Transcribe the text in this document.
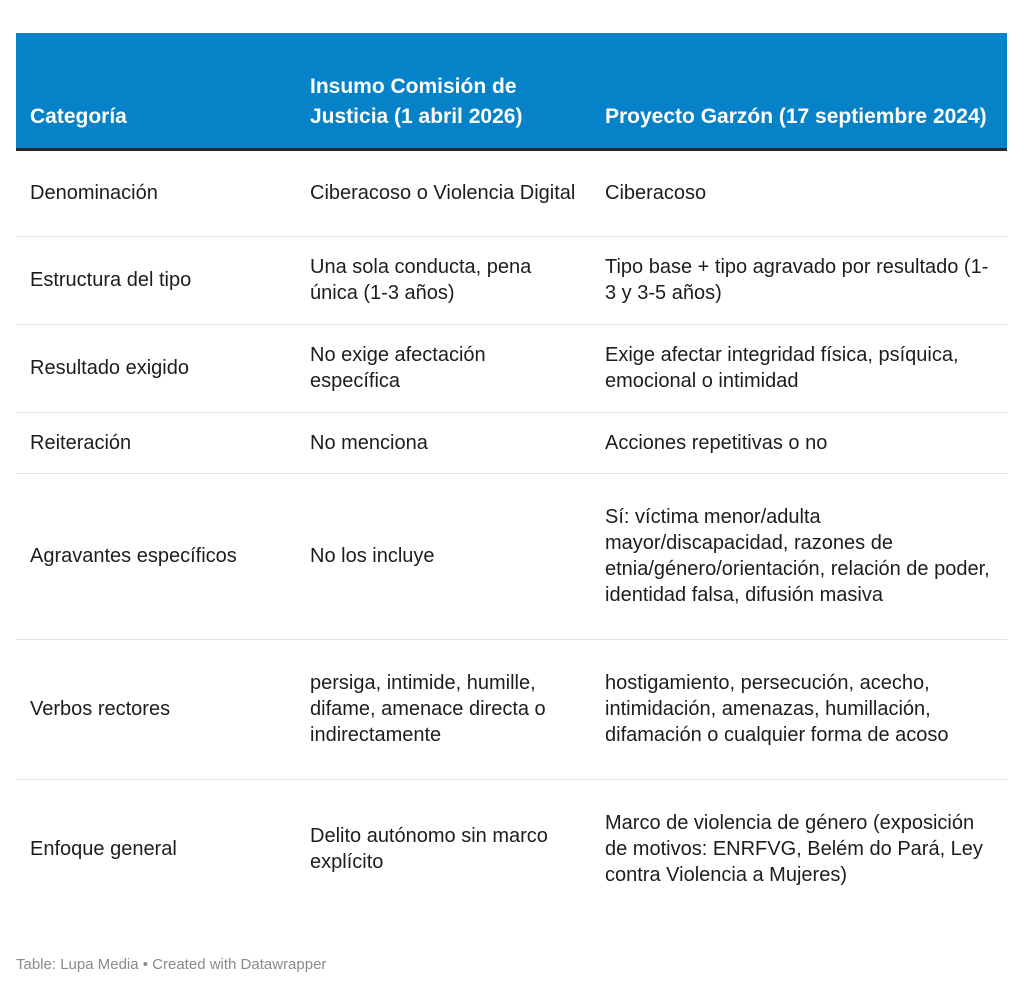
Categoría	Insumo Comisión de Justicia (1 abril 2026)	Proyecto Garzón (17 septiembre 2024)
Denominación	Ciberacoso o Violencia Digital	Ciberacoso
Estructura del tipo	Una sola conducta, pena única (1-3 años)	Tipo base + tipo agravado por resultado (1-3 y 3-5 años)
Resultado exigido	No exige afectación específica	Exige afectar integridad física, psíquica, emocional o intimidad
Reiteración	No menciona	Acciones repetitivas o no
Agravantes específicos	No los incluye	Sí: víctima menor/adulta mayor/discapacidad, razones de etnia/género/orientación, relación de poder, identidad falsa, difusión masiva
Verbos rectores	persiga, intimide, humille, difame, amenace directa o indirectamente	hostigamiento, persecución, acecho, intimidación, amenazas, humillación, difamación o cualquier forma de acoso
Enfoque general	Delito autónomo sin marco explícito	Marco de violencia de género (exposición de motivos: ENRFVG, Belém do Pará, Ley contra Violencia a Mujeres)
Table: Lupa Media • Created with Datawrapper
